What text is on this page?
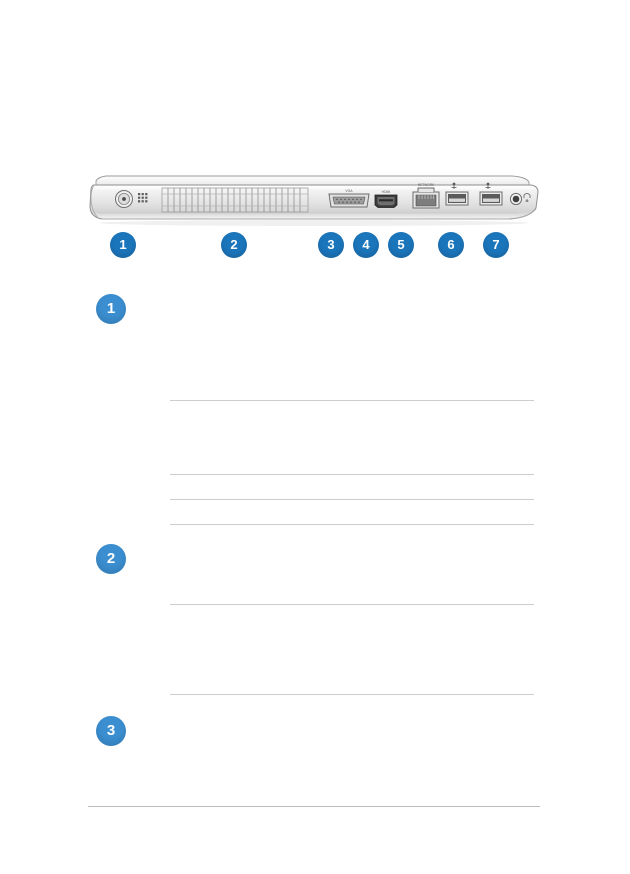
VGA	HDMI
NETWORK
1	2	3	4	5	6	7
1
2
3
